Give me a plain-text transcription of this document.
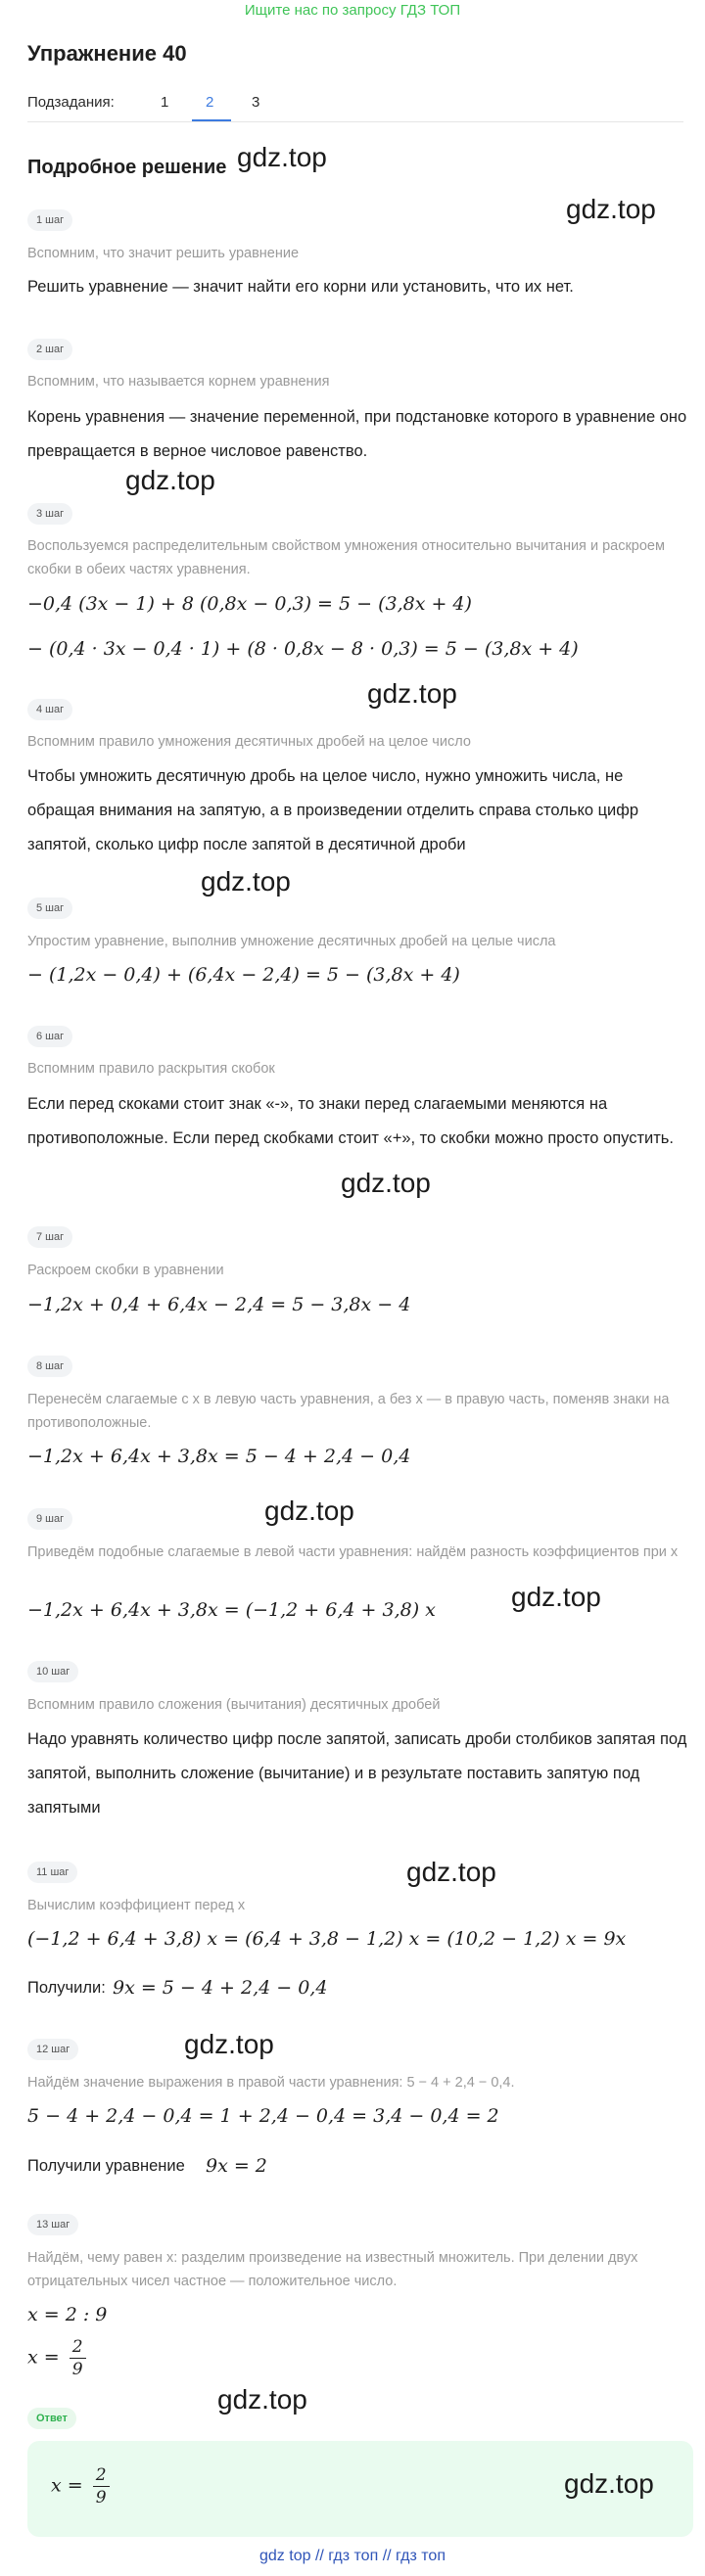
Ищите нас по запросу ГДЗ ТОП
Упражнение 40
Подзадания:	1	2	3
Подробное решение gdz.top
gdz.top
gdz.top
gdz.top
gdz.top
gdz.top
gdz.top
gdz.top
gdz.top
gdz.top
gdz.top
1 шаг
Вспомним, что значит решить уравнение
Решить уравнение — значит найти его корни или установить, что их нет.
2 шаг
Вспомним, что называется корнем уравнения
Корень уравнения — значение переменной, при подстановке которого в уравнение оно превращается в верное числовое равенство.
3 шаг
Воспользуемся распределительным свойством умножения относительно вычитания и раскроем скобки в обеих частях уравнения.
−0,4 (3x − 1) + 8 (0,8x − 0,3) = 5 − (3,8x + 4)
− (0,4 · 3x − 0,4 · 1) + (8 · 0,8x − 8 · 0,3) = 5 − (3,8x + 4)
4 шаг
Вспомним правило умножения десятичных дробей на целое число
Чтобы умножить десятичную дробь на целое число, нужно умножить числа, не обращая внимания на запятую, а в произведении отделить справа столько цифр запятой, сколько цифр после запятой в десятичной дроби
5 шаг
Упростим уравнение, выполнив умножение десятичных дробей на целые числа
− (1,2x − 0,4) + (6,4x − 2,4) = 5 − (3,8x + 4)
6 шаг
Вспомним правило раскрытия скобок
Если перед скоками стоит знак «-», то знаки перед слагаемыми меняются на противоположные. Если перед скобками стоит «+», то скобки можно просто опустить.
7 шаг
Раскроем скобки в уравнении
−1,2x + 0,4 + 6,4x − 2,4 = 5 − 3,8x − 4
8 шаг
Перенесём слагаемые с x в левую часть уравнения, а без x — в правую часть, поменяв знаки на противоположные.
−1,2x + 6,4x + 3,8x = 5 − 4 + 2,4 − 0,4
9 шаг
Приведём подобные слагаемые в левой части уравнения: найдём разность коэффициентов при x
−1,2x + 6,4x + 3,8x = (−1,2 + 6,4 + 3,8) x
10 шаг
Вспомним правило сложения (вычитания) десятичных дробей
Надо уравнять количество цифр после запятой, записать дроби столбиков запятая под запятой, выполнить сложение (вычитание) и в результате поставить запятую под запятыми
11 шаг
Вычислим коэффициент перед x
(−1,2 + 6,4 + 3,8) x = (6,4 + 3,8 − 1,2) x = (10,2 − 1,2) x = 9x
Получили: 9x = 5 − 4 + 2,4 − 0,4
12 шаг
Найдём значение выражения в правой части уравнения: 5 − 4 + 2,4 − 0,4.
5 − 4 + 2,4 − 0,4 = 1 + 2,4 − 0,4 = 3,4 − 0,4 = 2
Получили уравнение 9x = 2
13 шаг
Найдём, чему равен x: разделим произведение на известный множитель. При делении двух отрицательных чисел частное — положительное число.
x = 2 : 9
$x = \frac{2}{9}$
Ответ
$x = \frac{2}{9}$	gdz.top
gdz top // гдз топ // гдз топ
